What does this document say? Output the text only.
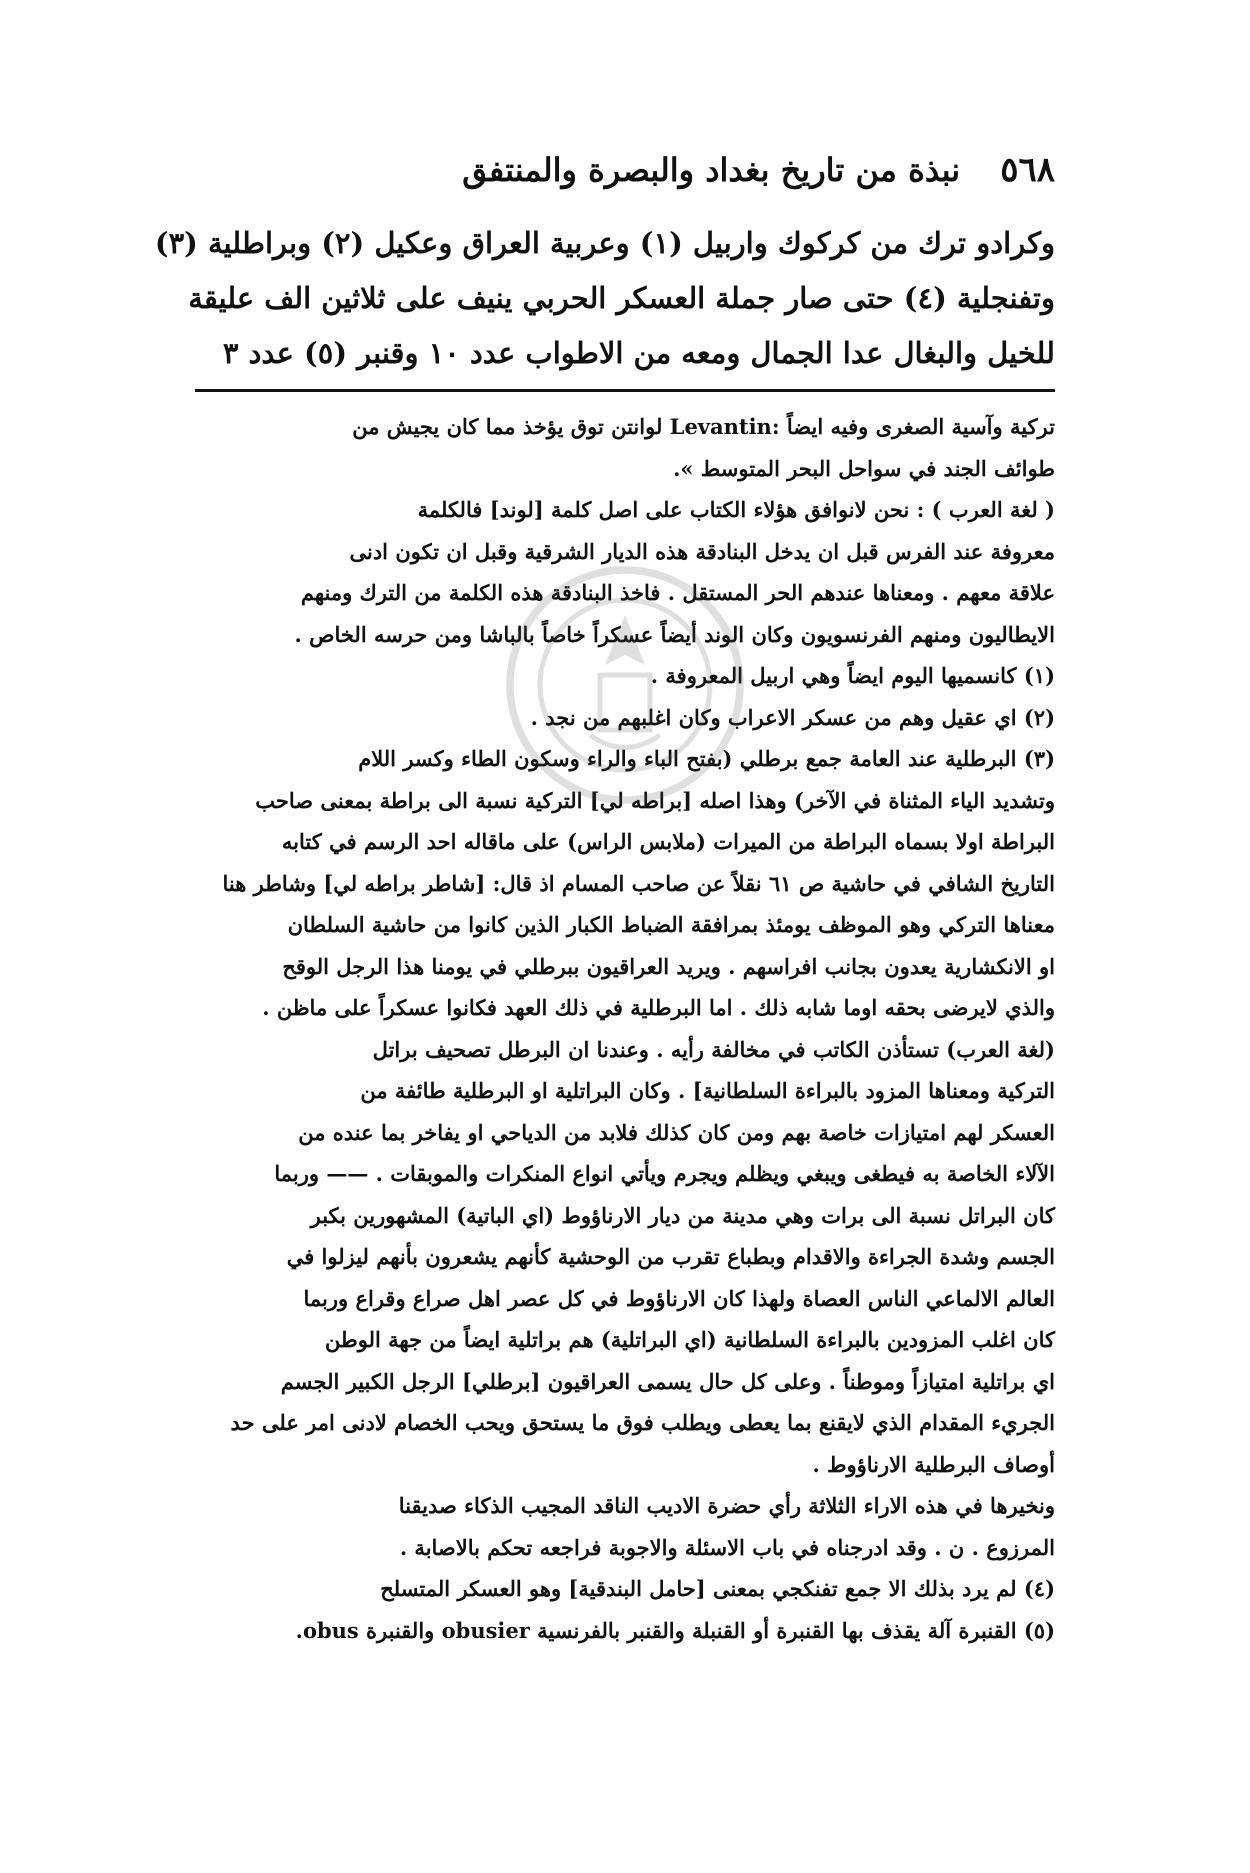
٥٦٨
نبذة من تاريخ بغداد والبصرة والمنتفق
وكرادو ترك من كركوك واربيل (١) وعربية العراق وعكيل (٢) وبراطلية (٣)
وتفنجلية (٤) حتى صار جملة العسكر الحربي ينيف على ثلاثين الف عليقة
للخيل والبغال عدا الجمال ومعه من الاطواب عدد ١٠ وقنبر (٥) عدد ٣
تركية وآسية الصغرى وفيه ايضاً :Levantin لوانتن توق يؤخذ مما كان يجيش من
طوائف الجند في سواحل البحر المتوسط ».
( لغة العرب ) : نحن لانوافق هؤلاء الكتاب على اصل كلمة [لوند] فالكلمة
معروفة عند الفرس قبل ان يدخل البنادقة هذه الديار الشرقية وقبل ان تكون ادنى
علاقة معهم . ومعناها عندهم الحر المستقل . فاخذ البنادقة هذه الكلمة من الترك ومنهم
الايطاليون ومنهم الفرنسويون وكان الوند أيضاً عسكراً خاصاً بالباشا ومن حرسه الخاص .
(١) كانسميها اليوم ايضاً وهي اربيل المعروفة .
(٢) اي عقيل وهم من عسكر الاعراب وكان اغلبهم من نجد .
(٣) البرطلية عند العامة جمع برطلي (بفتح الباء والراء وسكون الطاء وكسر اللام
وتشديد الياء المثناة في الآخر) وهذا اصله [براطه لي] التركية نسبة الى براطة بمعنى صاحب
البراطة اولا بسماه البراطة من الميرات (ملابس الراس) على ماقاله احد الرسم في كتابه
التاريخ الشافي في حاشية ص ٦١ نقلاً عن صاحب المسام اذ قال: [شاطر براطه لي] وشاطر هنا
معناها التركي وهو الموظف يومئذ بمرافقة الضباط الكبار الذين كانوا من حاشية السلطان
او الانكشارية يعدون بجانب افراسهم . ويريد العراقيون ببرطلي في يومنا هذا الرجل الوقح
والذي لايرضى بحقه اوما شابه ذلك . اما البرطلية في ذلك العهد فكانوا عسكراً على ماظن .
(لغة العرب) تستأذن الكاتب في مخالفة رأيه . وعندنا ان البرطل تصحيف براتل
التركية ومعناها المزود بالبراءة السلطانية] . وكان البراتلية او البرطلية طائفة من
العسكر لهم امتيازات خاصة بهم ومن كان كذلك فلابد من الدياحي او يفاخر بما عنده من
الآلاء الخاصة به فيطغى ويبغي ويظلم ويجرم ويأتي انواع المنكرات والموبقات . —— وربما
كان البراتل نسبة الى برات وهي مدينة من ديار الارناؤوط (اي الباتية) المشهورين بكبر
الجسم وشدة الجراءة والاقدام وبطباع تقرب من الوحشية كأنهم يشعرون بأنهم ليزلوا في
العالم الالماعي الناس العصاة ولهذا كان الارناؤوط في كل عصر اهل صراع وقراع وربما
كان اغلب المزودين بالبراءة السلطانية (اي البراتلية) هم براتلية ايضاً من جهة الوطن
اي براتلية امتيازاً وموطناً . وعلى كل حال يسمى العراقيون [برطلي] الرجل الكبير الجسم
الجريء المقدام الذي لايقنع بما يعطى ويطلب فوق ما يستحق ويحب الخصام لادنى امر على حد
أوصاف البرطلية الارناؤوط .
ونخيرها في هذه الاراء الثلاثة رأي حضرة الاديب الناقد المجيب الذكاء صديقنا
المرزوع . ن . وقد ادرجناه في باب الاسئلة والاجوبة فراجعه تحكم بالاصابة .
(٤) لم يرد بذلك الا جمع تفنكجي بمعنى [حامل البندقية] وهو العسكر المتسلح
(٥) القنبرة آلة يقذف بها القنبرة أو القنبلة والقنبر بالفرنسية obusier والقنبرة obus.
